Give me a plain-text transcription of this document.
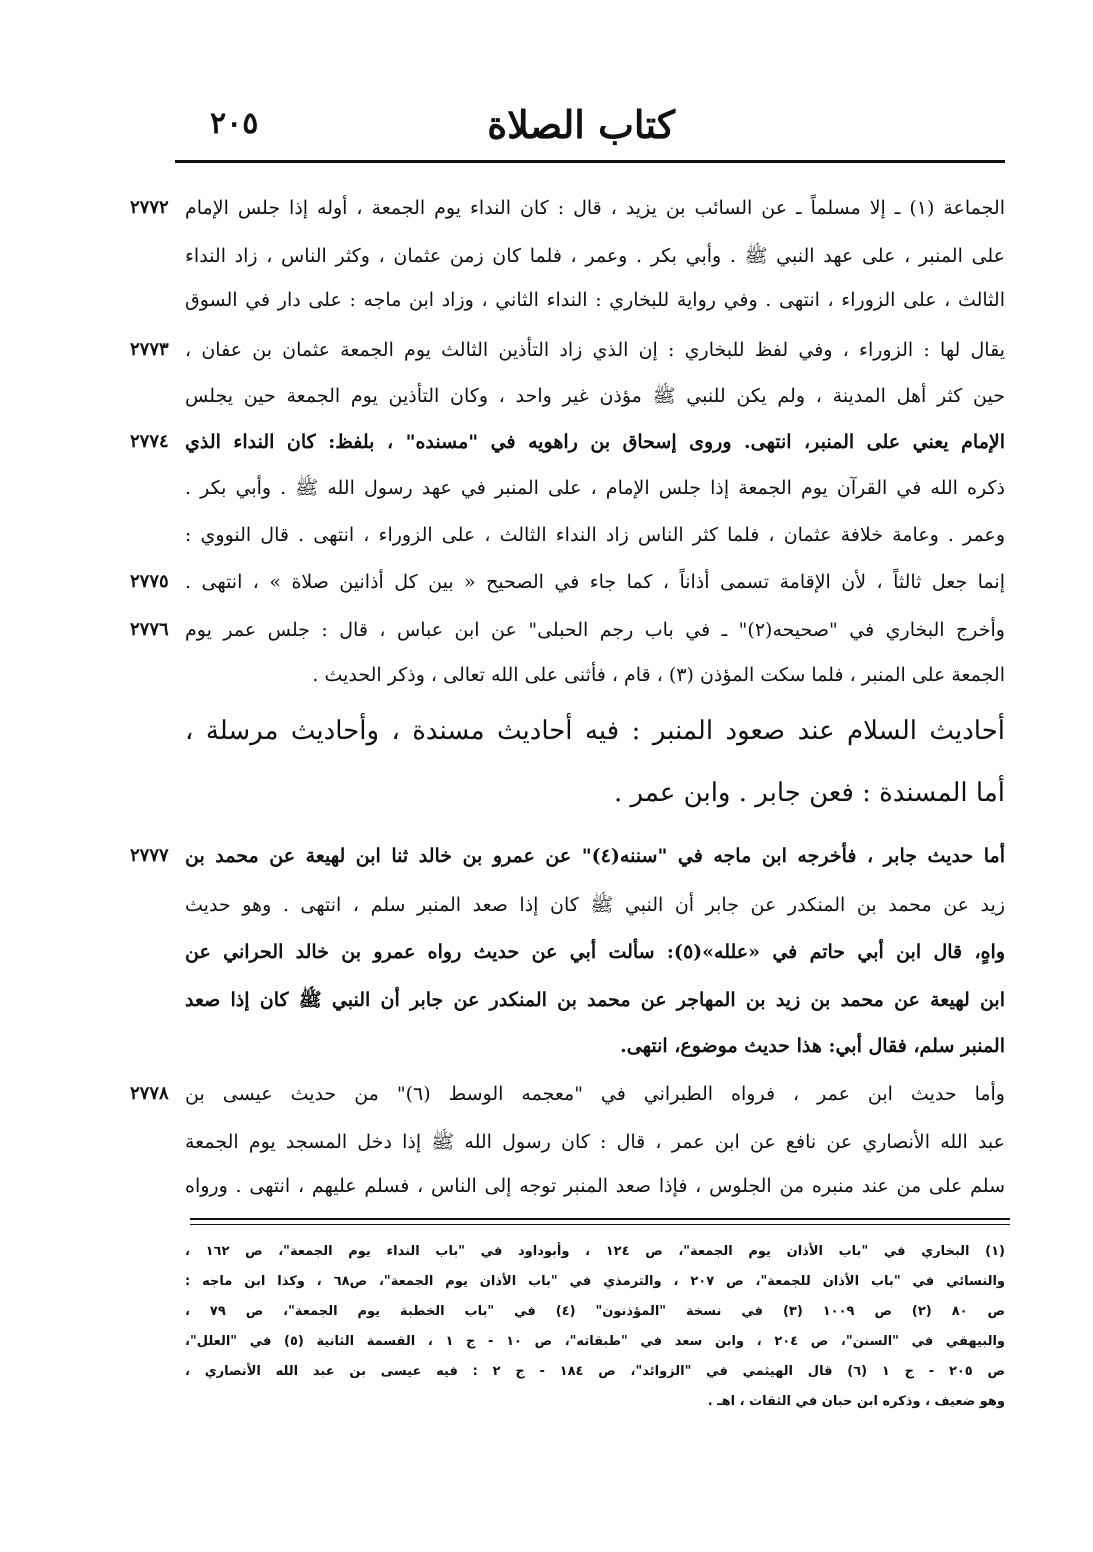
كتاب الصلاة
٢٠٥
الجماعة (١) ـ إلا مسلماً ـ عن السائب بن يزيد ، قال : كان النداء يوم الجمعة ، أوله إذا جلس الإمام
٢٧٧٢
على المنبر ، على عهد النبي ﷺ . وأبي بكر . وعمر ، فلما كان زمن عثمان ، وكثر الناس ، زاد النداء
الثالث ، على الزوراء ، انتهى . وفي رواية للبخاري : النداء الثاني ، وزاد ابن ماجه : على دار في السوق
يقال لها : الزوراء ، وفي لفظ للبخاري : إن الذي زاد التأذين الثالث يوم الجمعة عثمان بن عفان ،
٢٧٧٣
حين كثر أهل المدينة ، ولم يكن للنبي ﷺ مؤذن غير واحد ، وكان التأذين يوم الجمعة حين يجلس
الإمام يعني على المنبر، انتهى. وروى إسحاق بن راهويه في "مسنده" ، بلفظ: كان النداء الذي
٢٧٧٤
ذكره الله في القرآن يوم الجمعة إذا جلس الإمام ، على المنبر في عهد رسول الله ﷺ . وأبي بكر .
وعمر . وعامة خلافة عثمان ، فلما كثر الناس زاد النداء الثالث ، على الزوراء ، انتهى . قال النووي :
إنما جعل ثالثاً ، لأن الإقامة تسمى أذاناً ، كما جاء في الصحيح « بين كل أذانين صلاة » ، انتهى .
٢٧٧٥
وأخرج البخاري في "صحيحه(٢)" ـ في باب رجم الحبلى" عن ابن عباس ، قال : جلس عمر يوم
٢٧٧٦
الجمعة على المنبر ، فلما سكت المؤذن (٣) ، قام ، فأثنى على الله تعالى ، وذكر الحديث .
أحاديث السلام عند صعود المنبر : فيه أحاديث مسندة ، وأحاديث مرسلة ،
أما المسندة : فعن جابر . وابن عمر .
أما حديث جابر ، فأخرجه ابن ماجه في "سننه(٤)" عن عمرو بن خالد ثنا ابن لهيعة عن محمد بن
٢٧٧٧
زيد عن محمد بن المنكدر عن جابر أن النبي ﷺ كان إذا صعد المنبر سلم ، انتهى . وهو حديث
واهٍ، قال ابن أبي حاتم في «علله»(٥): سألت أبي عن حديث رواه عمرو بن خالد الحراني عن
ابن لهيعة عن محمد بن زيد بن المهاجر عن محمد بن المنكدر عن جابر أن النبي ﷺ كان إذا صعد
المنبر سلم، فقال أبي: هذا حديث موضوع، انتهى.
وأما حديث ابن عمر ، فرواه الطبراني في "معجمه الوسط (٦)" من حديث عيسى بن
٢٧٧٨
عبد الله الأنصاري عن نافع عن ابن عمر ، قال : كان رسول الله ﷺ إذا دخل المسجد يوم الجمعة
سلم على من عند منبره من الجلوس ، فإذا صعد المنبر توجه إلى الناس ، فسلم عليهم ، انتهى . ورواه
(١) البخاري في "باب الأذان يوم الجمعة"، ص ١٢٤ ، وأبوداود في "باب النداء يوم الجمعة"، ص ١٦٢ ،
والنسائي في "باب الأذان للجمعة"، ص ٢٠٧ ، والترمذي في "باب الأذان يوم الجمعة"، ص٦٨ ، وكذا ابن ماجه :
ص ٨٠ (٢) ص ١٠٠٩ (٣) في نسخة "المؤذنون" (٤) في "باب الخطبة يوم الجمعة"، ص ٧٩ ،
والبيهقي في "السنن"، ص ٢٠٤ ، وابن سعد في "طبقاته"، ص ١٠ - ج ١ ، القسمة الثانية (٥) في "العلل"،
ص ٢٠٥ - ج ١ (٦) قال الهيثمي في "الزوائد"، ص ١٨٤ - ج ٢ : فيه عيسى بن عبد الله الأنصاري ،
وهو ضعيف ، وذكره ابن حبان في الثقات ، اهـ .
